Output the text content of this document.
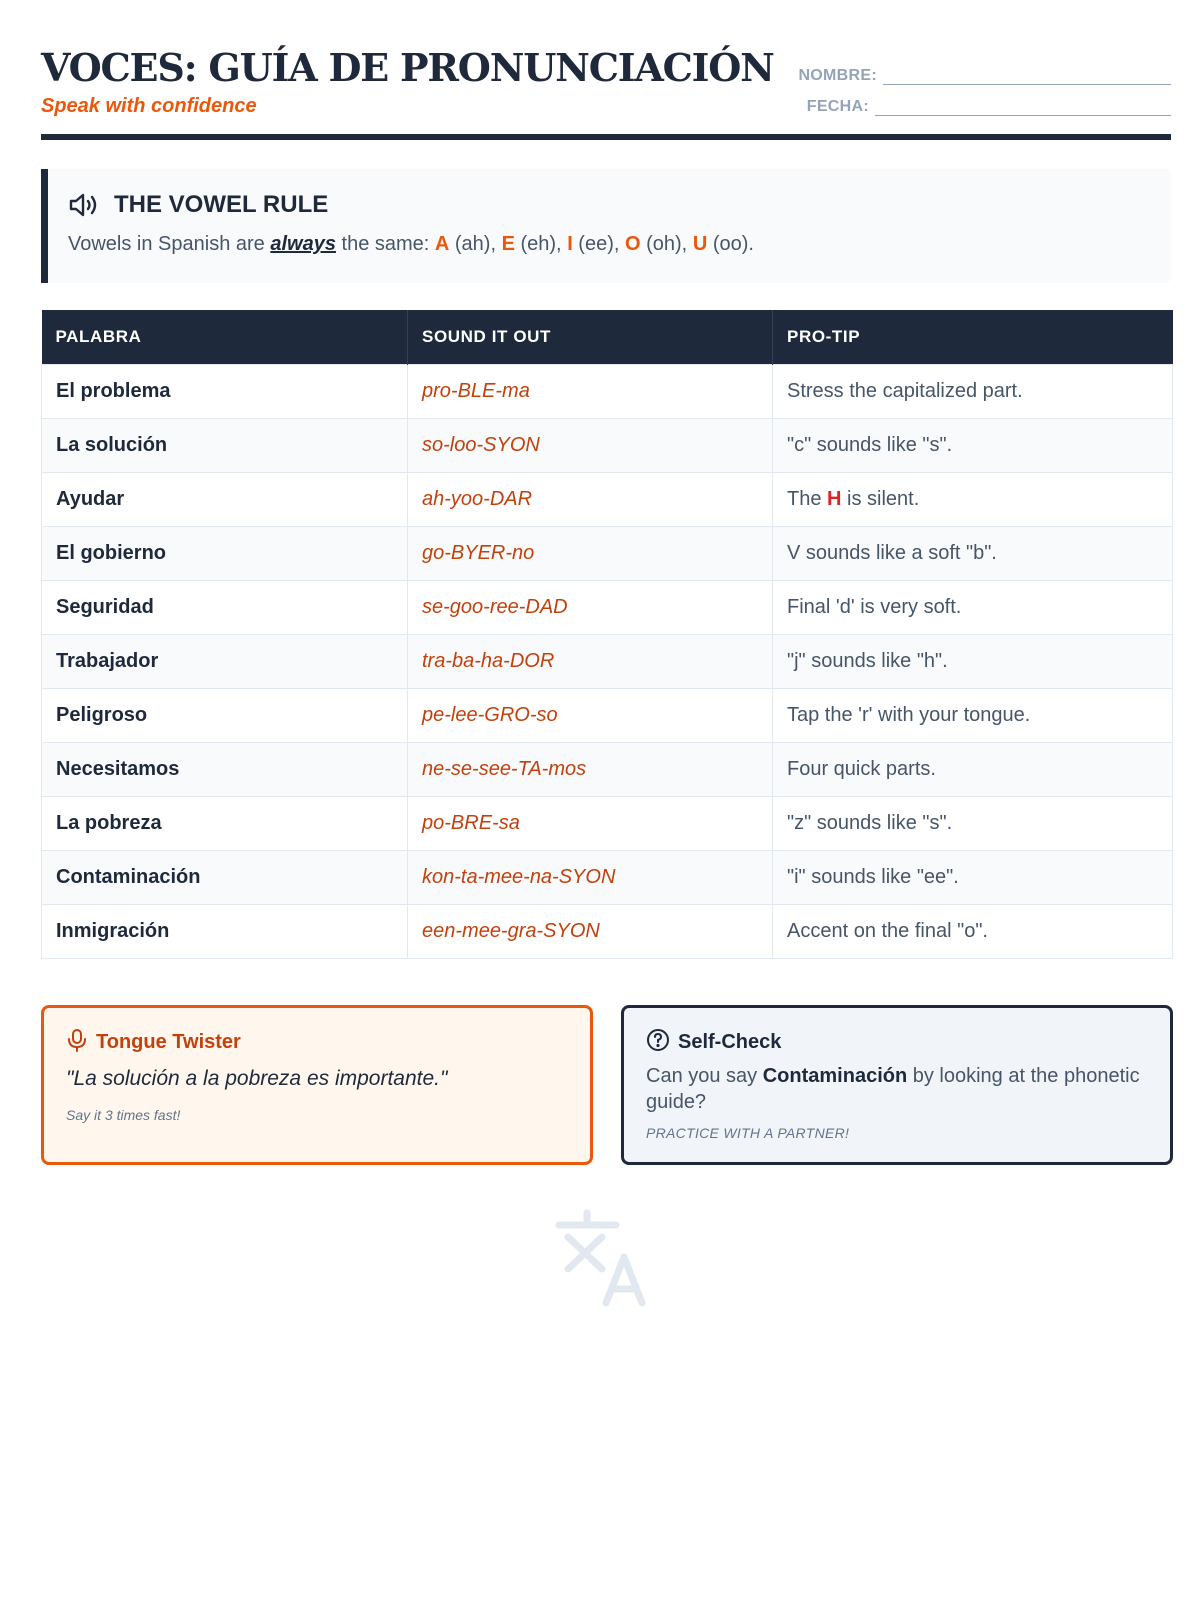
VOCES: GUÍA DE PRONUNCIACIÓN
Speak with confidence
NOMBRE:
FECHA:
THE VOWEL RULE
Vowels in Spanish are always the same: A (ah), E (eh), I (ee), O (oh), U (oo).
PALABRA	SOUND IT OUT	PRO-TIP
El problema	pro-BLE-ma	Stress the capitalized part.
La solución	so-loo-SYON	"c" sounds like "s".
Ayudar	ah-yoo-DAR	The H is silent.
El gobierno	go-BYER-no	V sounds like a soft "b".
Seguridad	se-goo-ree-DAD	Final 'd' is very soft.
Trabajador	tra-ba-ha-DOR	"j" sounds like "h".
Peligroso	pe-lee-GRO-so	Tap the 'r' with your tongue.
Necesitamos	ne-se-see-TA-mos	Four quick parts.
La pobreza	po-BRE-sa	"z" sounds like "s".
Contaminación	kon-ta-mee-na-SYON	"i" sounds like "ee".
Inmigración	een-mee-gra-SYON	Accent on the final "o".
Tongue Twister
"La solución a la pobreza es importante."
Say it 3 times fast!
Self-Check
Can you say Contaminación by looking at the phonetic guide?
PRACTICE WITH A PARTNER!
